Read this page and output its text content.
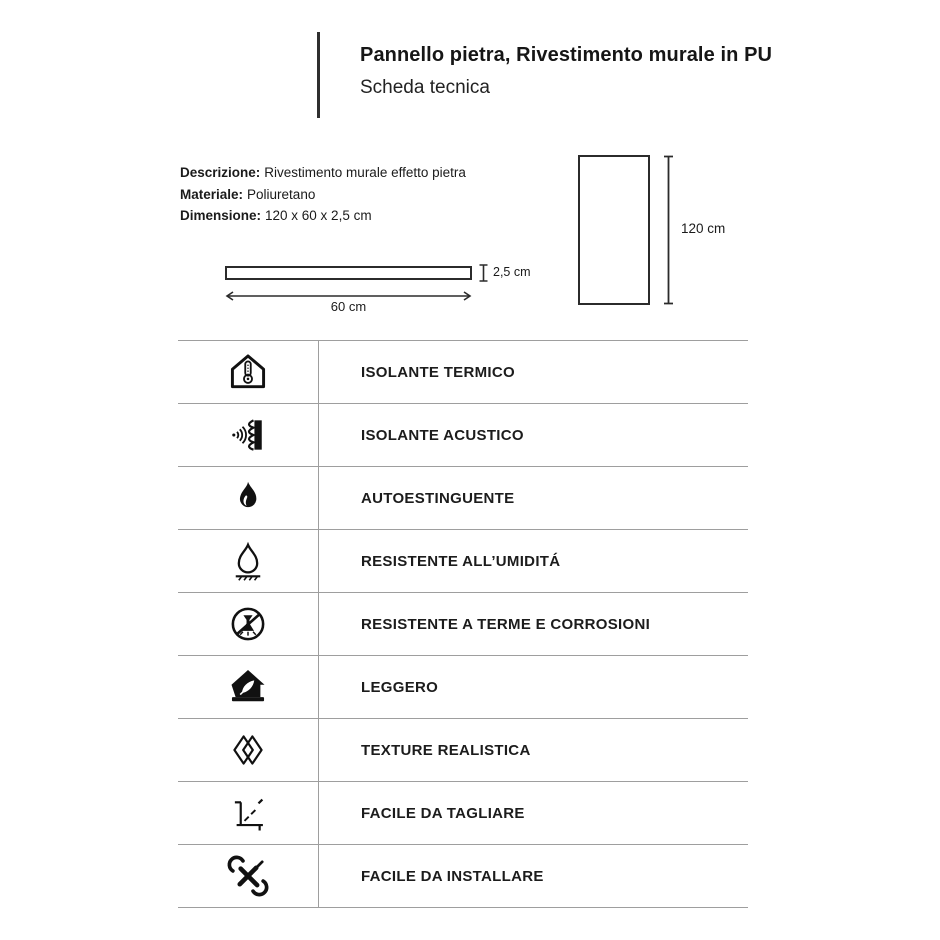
Pannello pietra, Rivestimento murale in PU
Scheda tecnica
Descrizione: Rivestimento murale effetto pietra
Materiale: Poliuretano
Dimensione: 120 x 60 x 2,5 cm
2,5 cm
60 cm
120 cm
ISOLANTE TERMICO
ISOLANTE ACUSTICO
AUTOESTINGUENTE
RESISTENTE ALL’UMIDITÁ
RESISTENTE A TERME E CORROSIONI
LEGGERO
TEXTURE REALISTICA
FACILE DA TAGLIARE
FACILE DA INSTALLARE
